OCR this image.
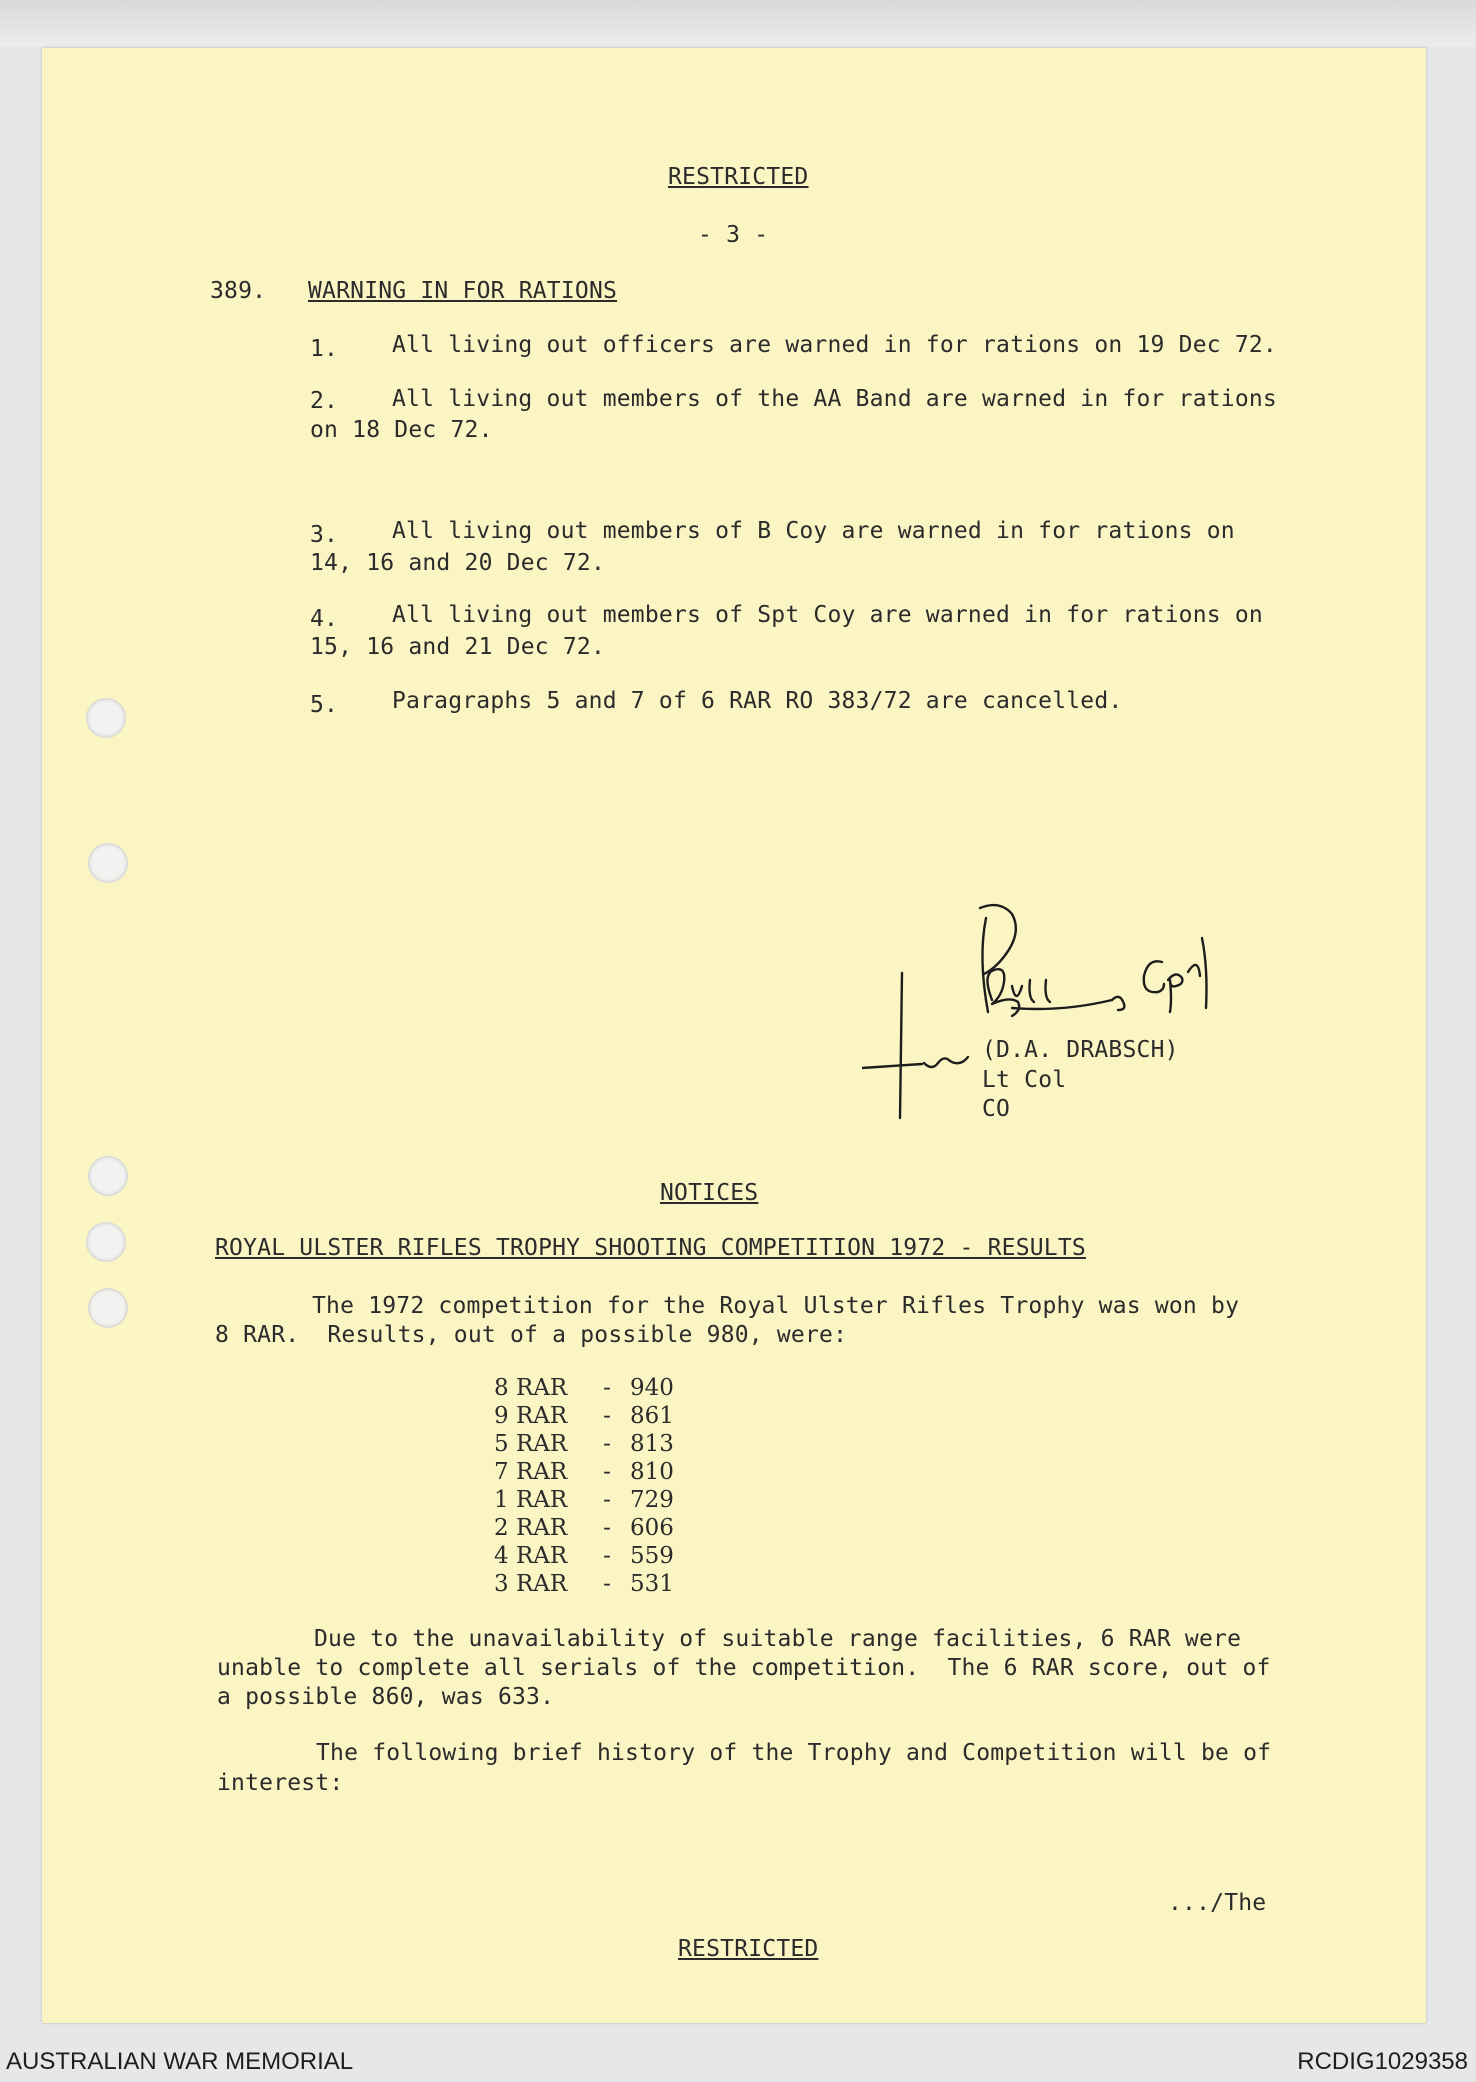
RESTRICTED
- 3 -
389. WARNING IN FOR RATIONS
1. All living out officers are warned in for rations on 19 Dec 72.
2. All living out members of the AA Band are warned in for rations
on 18 Dec 72.
3. All living out members of B Coy are warned in for rations on
14, 16 and 20 Dec 72.
4. All living out members of Spt Coy are warned in for rations on
15, 16 and 21 Dec 72.
5. Paragraphs 5 and 7 of 6 RAR RO 383/72 are cancelled.
(D.A. DRABSCH)
Lt Col
CO
NOTICES
ROYAL ULSTER RIFLES TROPHY SHOOTING COMPETITION 1972 - RESULTS
The 1972 competition for the Royal Ulster Rifles Trophy was won by
8 RAR.  Results, out of a possible 980, were:
8 RAR	- 940
9 RAR	- 861
5 RAR	- 813
7 RAR	- 810
1 RAR	- 729
2 RAR	- 606
4 RAR	- 559
3 RAR	- 531
Due to the unavailability of suitable range facilities, 6 RAR were
unable to complete all serials of the competition.  The 6 RAR score, out of
a possible 860, was 633.
The following brief history of the Trophy and Competition will be of
interest:
.../The
RESTRICTED
AUSTRALIAN WAR MEMORIAL	RCDIG1029358
